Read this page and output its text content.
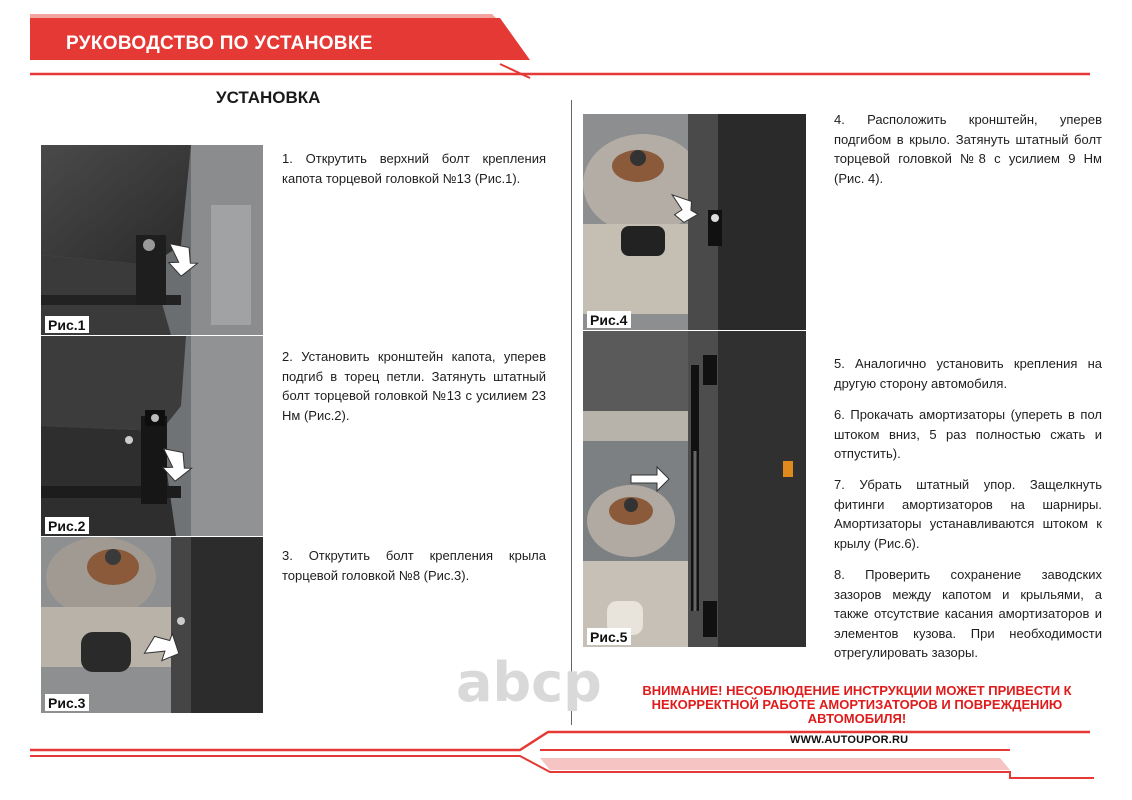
РУКОВОДСТВО ПО УСТАНОВКЕ
УСТАНОВКА
Рис.1
Рис.2
Рис.3
Рис.4
Рис.5

1. Открутить верхний болт крепления капота торцевой головкой №13 (Рис.1).

2. Установить кронштейн капота, уперев подгиб в торец петли. Затянуть штатный болт торцевой головкой №13 с усилием 23 Нм (Рис.2).

3. Открутить болт крепления крыла торцевой головкой №8 (Рис.3).

4. Расположить кронштейн, уперев подгибом в крыло. Затянуть штатный болт торцевой головкой №8 с усилием 9 Нм (Рис. 4).

5. Аналогично установить крепления на другую сторону автомобиля.

6. Прокачать амортизаторы (упереть в пол штоком вниз, 5 раз полностью сжать и отпустить).

7. Убрать штатный упор. Защелкнуть фитинги амортизаторов на шарниры. Амортизаторы устанавливаются штоком к крылу (Рис.6).

8. Проверить сохранение заводских зазоров между капотом и крыльями, а также отсутствие касания амортизаторов и элементов кузова. При необходимости отрегулировать зазоры.

abcp	ВНИМАНИЕ! НЕСОБЛЮДЕНИЕ ИНСТРУКЦИИ МОЖЕТ ПРИВЕСТИ К НЕКОРРЕКТНОЙ РАБОТЕ АМОРТИЗАТОРОВ И ПОВРЕЖДЕНИЮ АВТОМОБИЛЯ!
WWW.AUTOUPOR.RU
